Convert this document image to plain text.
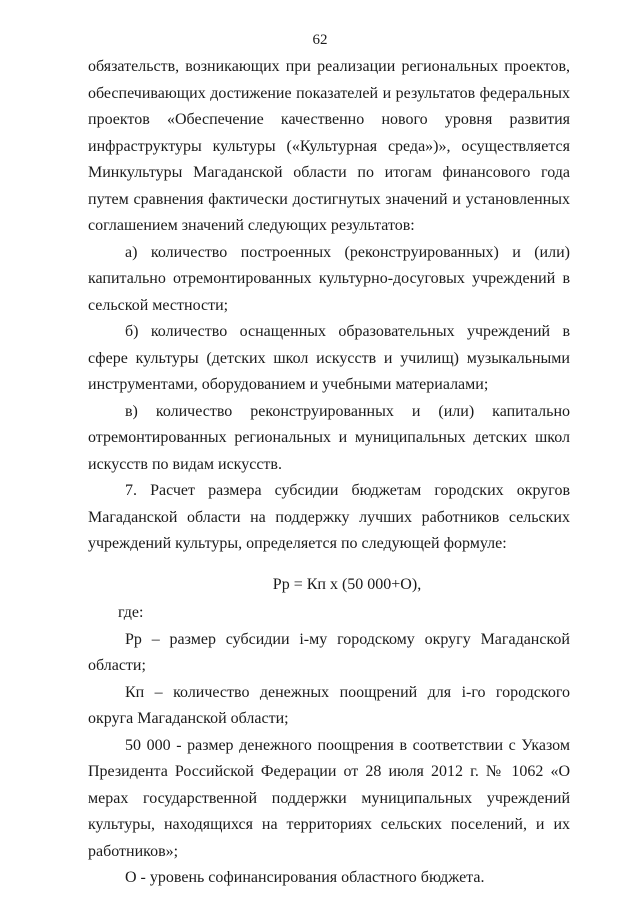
62

обязательств, возникающих при реализации региональных проектов, обеспечивающих достижение показателей и результатов федеральных проектов «Обеспечение качественно нового уровня развития инфраструктуры культуры («Культурная среда»)», осуществляется Минкультуры Магаданской области по итогам финансового года путем сравнения фактически достигнутых значений и установленных соглашением значений следующих результатов:

а) количество построенных (реконструированных) и (или) капитально отремонтированных культурно-досуговых учреждений в сельской местности;

б) количество оснащенных образовательных учреждений в сфере культуры (детских школ искусств и училищ) музыкальными инструментами, оборудованием и учебными материалами;

в) количество реконструированных и (или) капитально отремонтированных региональных и муниципальных детских школ искусств по видам искусств.

7. Расчет размера субсидии бюджетам городских округов Магаданской области на поддержку лучших работников сельских учреждений культуры, определяется по следующей формуле:

Рр = Кп х (50 000+О),

где:

Рр – размер субсидии i-му городскому округу Магаданской области;

Кп – количество денежных поощрений для i-го городского округа Магаданской области;

50 000 - размер денежного поощрения в соответствии с Указом Президента Российской Федерации от 28 июля 2012 г. № 1062 «О мерах государственной поддержки муниципальных учреждений культуры, находящихся на территориях сельских поселений, и их работников»;

О - уровень софинансирования областного бюджета.
